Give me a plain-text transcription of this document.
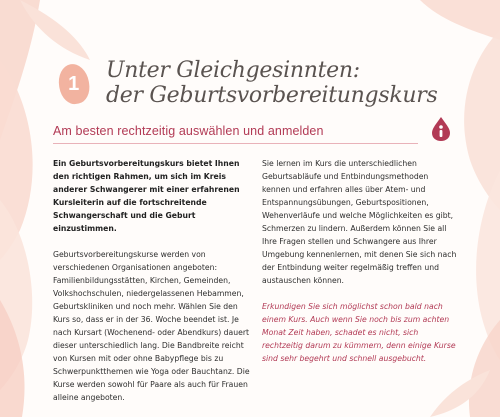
1
Unter Gleichgesinnten:
der Geburtsvorbereitungskurs
Am besten rechtzeitig auswählen und anmelden

Ein Geburtsvorbereitungskurs bietet Ihnen den richtigen Rahmen, um sich im Kreis anderer Schwangerer mit einer erfahrenen Kursleiterin auf die fortschreitende Schwangerschaft und die Geburt einzustimmen.

Geburtsvorbereitungskurse werden von verschiedenen Organisationen angeboten: Familienbildungsstätten, Kirchen, Gemeinden, Volkshochschulen, niedergelassenen Hebammen, Geburtskliniken und noch mehr. Wählen Sie den Kurs so, dass er in der 36. Woche beendet ist. Je nach Kursart (Wochenend- oder Abendkurs) dauert dieser unterschiedlich lang. Die Bandbreite reicht von Kursen mit oder ohne Babypflege bis zu Schwerpunktthemen wie Yoga oder Bauchtanz. Die Kurse werden sowohl für Paare als auch für Frauen alleine angeboten.

Sie lernen im Kurs die unterschiedlichen Geburtsabläufe und Entbindungsmethoden kennen und erfahren alles über Atem- und Entspannungsübungen, Geburtspositionen, Wehenverläufe und welche Möglichkeiten es gibt, Schmerzen zu lindern. Außerdem können Sie all Ihre Fragen stellen und Schwangere aus Ihrer Umgebung kennenlernen, mit denen Sie sich nach der Entbindung weiter regelmäßig treffen und austauschen können.

Erkundigen Sie sich möglichst schon bald nach einem Kurs. Auch wenn Sie noch bis zum achten Monat Zeit haben, schadet es nicht, sich rechtzeitig darum zu kümmern, denn einige Kurse sind sehr begehrt und schnell ausgebucht.
